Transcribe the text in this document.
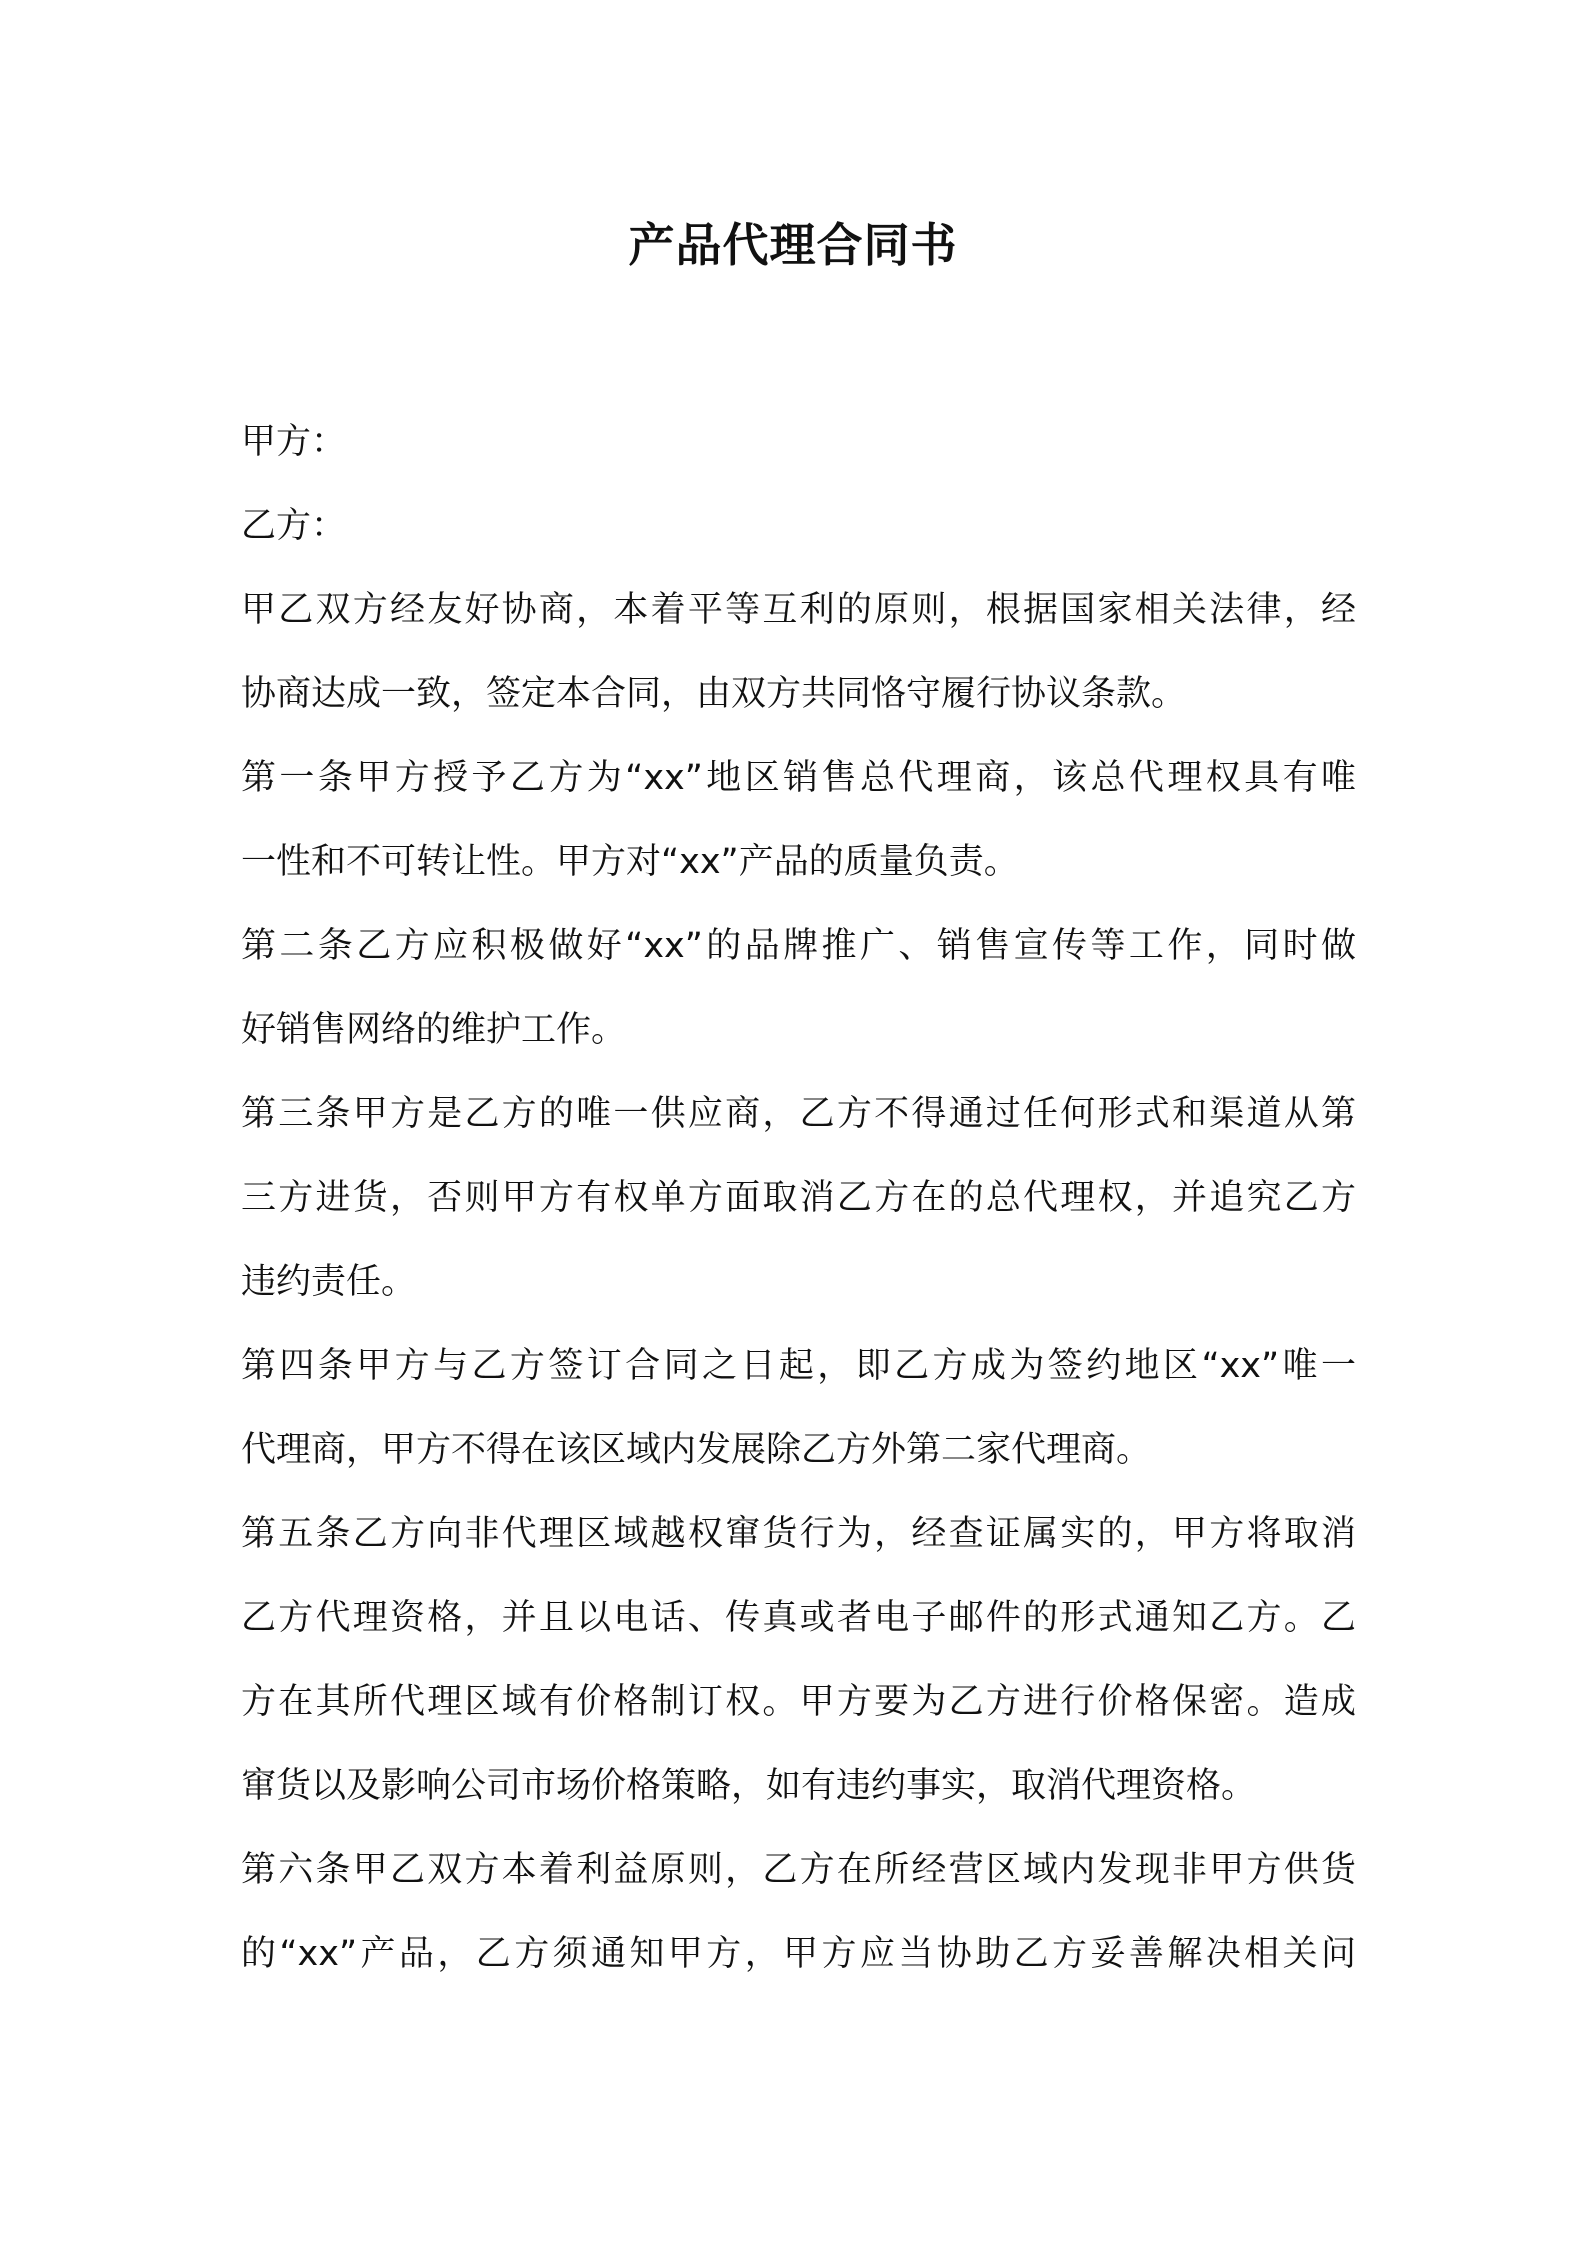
产品代理合同书
甲方：
乙方：
甲乙双方经友好协商，本着平等互利的原则，根据国家相关法律，经
协商达成一致，签定本合同，由双方共同恪守履行协议条款。
第一条甲方授予乙方为“xx”地区销售总代理商，该总代理权具有唯
一性和不可转让性。甲方对“xx”产品的质量负责。
第二条乙方应积极做好“xx”的品牌推广、销售宣传等工作，同时做
好销售网络的维护工作。
第三条甲方是乙方的唯一供应商，乙方不得通过任何形式和渠道从第
三方进货，否则甲方有权单方面取消乙方在的总代理权，并追究乙方
违约责任。
第四条甲方与乙方签订合同之日起，即乙方成为签约地区“xx”唯一
代理商，甲方不得在该区域内发展除乙方外第二家代理商。
第五条乙方向非代理区域越权窜货行为，经查证属实的，甲方将取消
乙方代理资格，并且以电话、传真或者电子邮件的形式通知乙方。乙
方在其所代理区域有价格制订权。甲方要为乙方进行价格保密。造成
窜货以及影响公司市场价格策略，如有违约事实，取消代理资格。
第六条甲乙双方本着利益原则，乙方在所经营区域内发现非甲方供货
的“xx”产品，乙方须通知甲方，甲方应当协助乙方妥善解决相关问
